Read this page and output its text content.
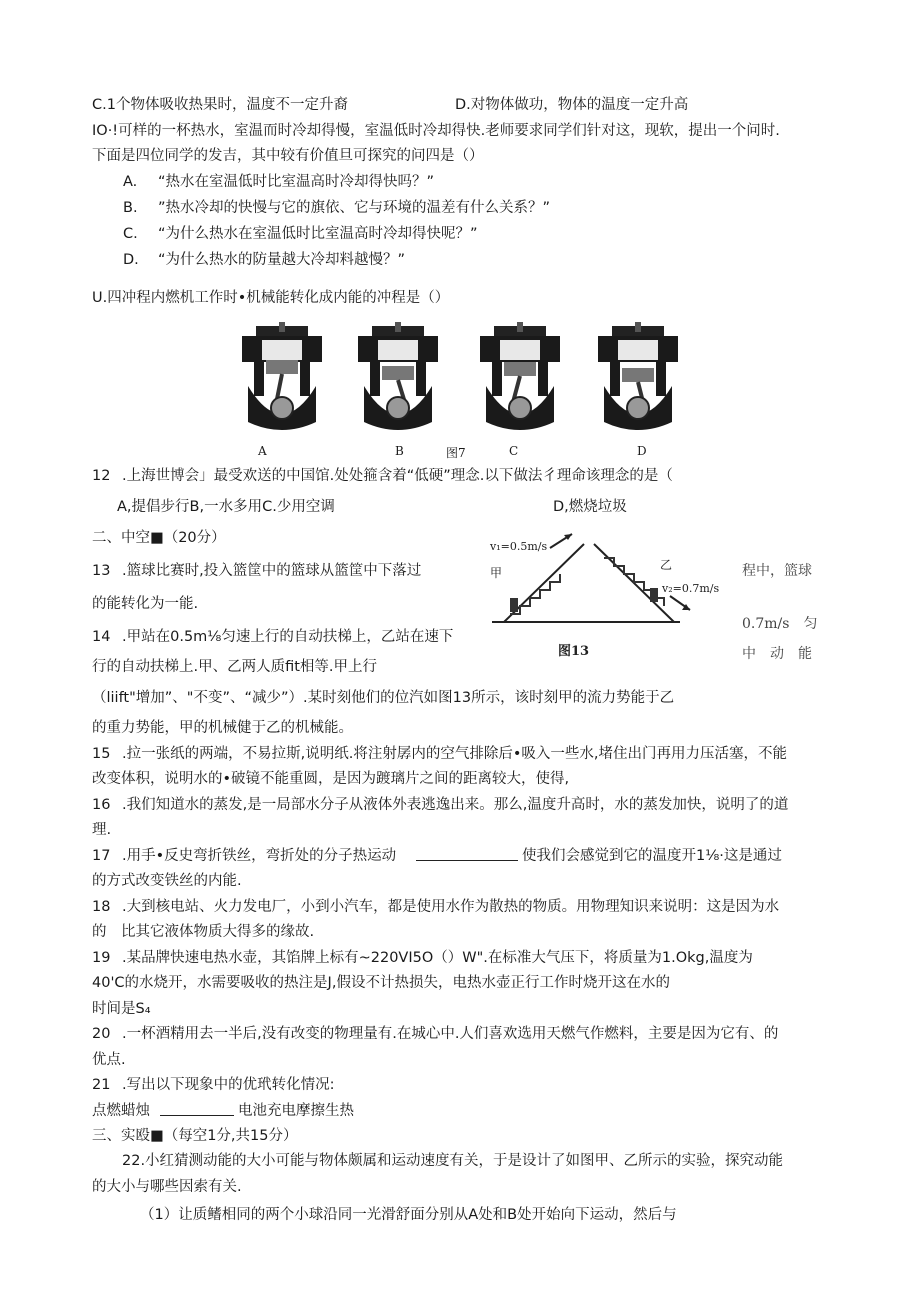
C.1个物体吸收热果时，温度不一定升裔	D.对物体做功，物体的温度一定升高
IO·!可样的一杯热水，室温而时冷却得慢，室温低时冷却得快.老师要求同学们针对这，现软，提出一个问时.
下面是四位同学的发吉，其中较有价值旦可探究的问四是（）
A. “热水在室温低时比室温高时冷却得快吗？”
B. ”热水冷却的快慢与它的旗依、它与环境的温差有什么关系？”
C. “为什么热水在室温低时比室温高时冷却得快呢？”
D. “为什么热水的防量越大冷却料越慢？”
U.四冲程内燃机工作时•机械能转化成内能的冲程是（）
A	B	图7	C	D
12 .上海世博会」最受欢送的中国馆.处处箍含着“低硬”理念.以下做法彳理命该理念的是（
A,提倡步行B,一水多用C.少用空调	D,燃烧垃圾
二、中空■（20分）
13 .篮球比赛时,投入篮筐中的篮球从篮筐中下落过
的能转化为一能.
v₁=0.5m/s
v₂=0.7m/s
甲
乙
图13
程中，篮球
0.7m/s　匀
中　动　能
14 .甲站在0.5m⅛匀速上行的自动扶梯上，乙站在速下
行的自动扶梯上.甲、乙两人质fit相等.甲上行
（liift"增加”、"不变”、“减少”）.某时刻他们的位汽如图13所示，该时刻甲的流力势能于乙
的重力势能，甲的机械健于乙的机械能。
15 .拉一张纸的两端，不易拉斯,说明纸.将注射孱内的空气排除后•吸入一些水,堵住出门再用力压活塞，不能
改变体积，说明水的•破镜不能重圆，是因为踱璃片之间的距离较大，使得,
16 .我们知道水的蒸发,是一局部水分子从液体外表逃逸出来。那么,温度升高时，水的蒸发加快，说明了的道
理.
17 .用手•反史弯折铁丝，弯折处的分子热运动	使我们会感觉到它的温度开1⅛·这是通过
的方式改变铁丝的内能.
18 .大到核电站、火力发电厂，小到小汽车，都是使用水作为散热的物质。用物理知识来说明：这是因为水
的　比其它液体物质大得多的缘故.
19 .某品牌快速电热水壶，其馅牌上标有~220VI5O（）W".在标准大气压下，将质量为1.Okg,温度为
40'C的水烧开，水需要吸收的热注是J,假设不计热损失，电热水壶正行工作时烧开这在水的
时间是S₄
20 .一杯酒精用去一半后,没有改变的物理量有.在城心中.人们喜欢选用天燃气作燃料，主要是因为它有、的
优点.
21 .写出以下现象中的优玳转化情况:
点燃蜡烛	电池充电摩擦生热
三、实殴■（每空1分,共15分）
22.小红猜测动能的大小可能与物体颇属和运动速度有关，于是设计了如图甲、乙所示的实验，探究动能
的大小与哪些因索有关.
（1）让质鳍相同的两个小球沿同一光滑舒面分别从A处和B处开始向下运动，然后与
